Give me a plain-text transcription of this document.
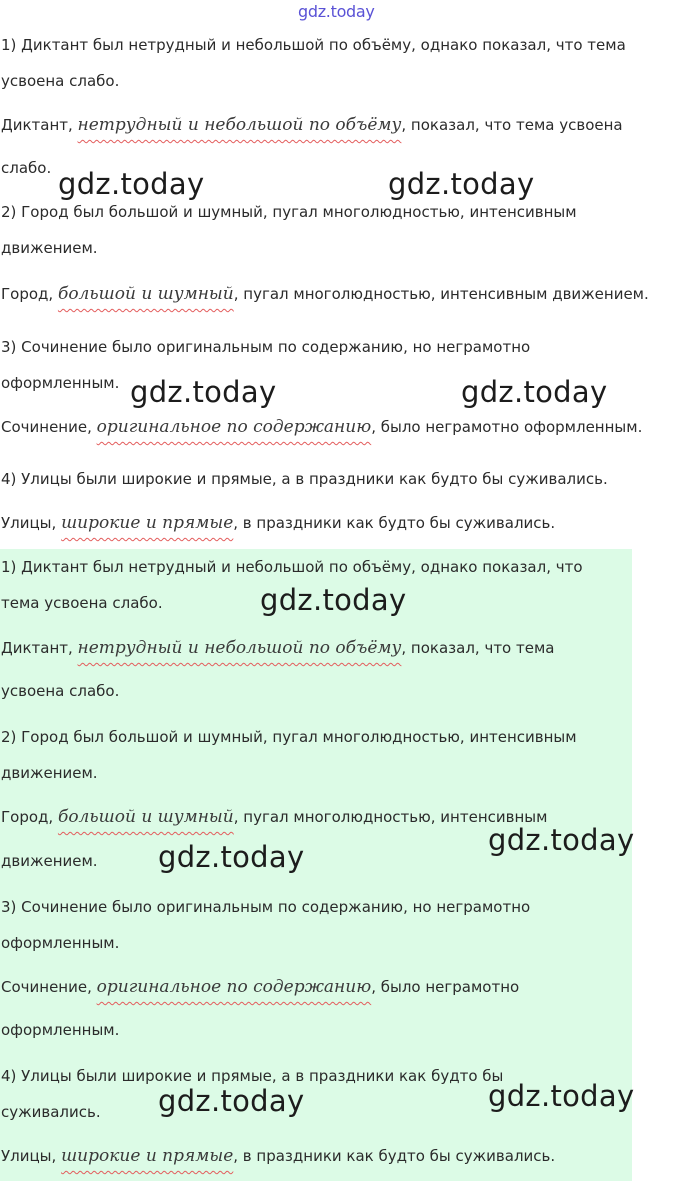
gdz.today
1) Диктант был нетрудный и небольшой по объёму, однако показал, что тема
усвоена слабо.
Диктант, нетрудный и небольшой по объёму, показал, что тема усвоена
слабо.
2) Город был большой и шумный, пугал многолюдностью, интенсивным
движением.
Город, большой и шумный, пугал многолюдностью, интенсивным движением.
3) Сочинение было оригинальным по содержанию, но неграмотно
оформленным.
Сочинение, оригинальное по содержанию, было неграмотно оформленным.
4) Улицы были широкие и прямые, а в праздники как будто бы суживались.
Улицы, широкие и прямые, в праздники как будто бы суживались.
1) Диктант был нетрудный и небольшой по объёму, однако показал, что
тема усвоена слабо.
Диктант, нетрудный и небольшой по объёму, показал, что тема
усвоена слабо.
2) Город был большой и шумный, пугал многолюдностью, интенсивным
движением.
Город, большой и шумный, пугал многолюдностью, интенсивным
движением.
3) Сочинение было оригинальным по содержанию, но неграмотно
оформленным.
Сочинение, оригинальное по содержанию, было неграмотно
оформленным.
4) Улицы были широкие и прямые, а в праздники как будто бы
суживались.
Улицы, широкие и прямые, в праздники как будто бы суживались.
gdz.today	gdz.today
gdz.today	gdz.today
gdz.today
gdz.today
gdz.today
gdz.today	gdz.today
